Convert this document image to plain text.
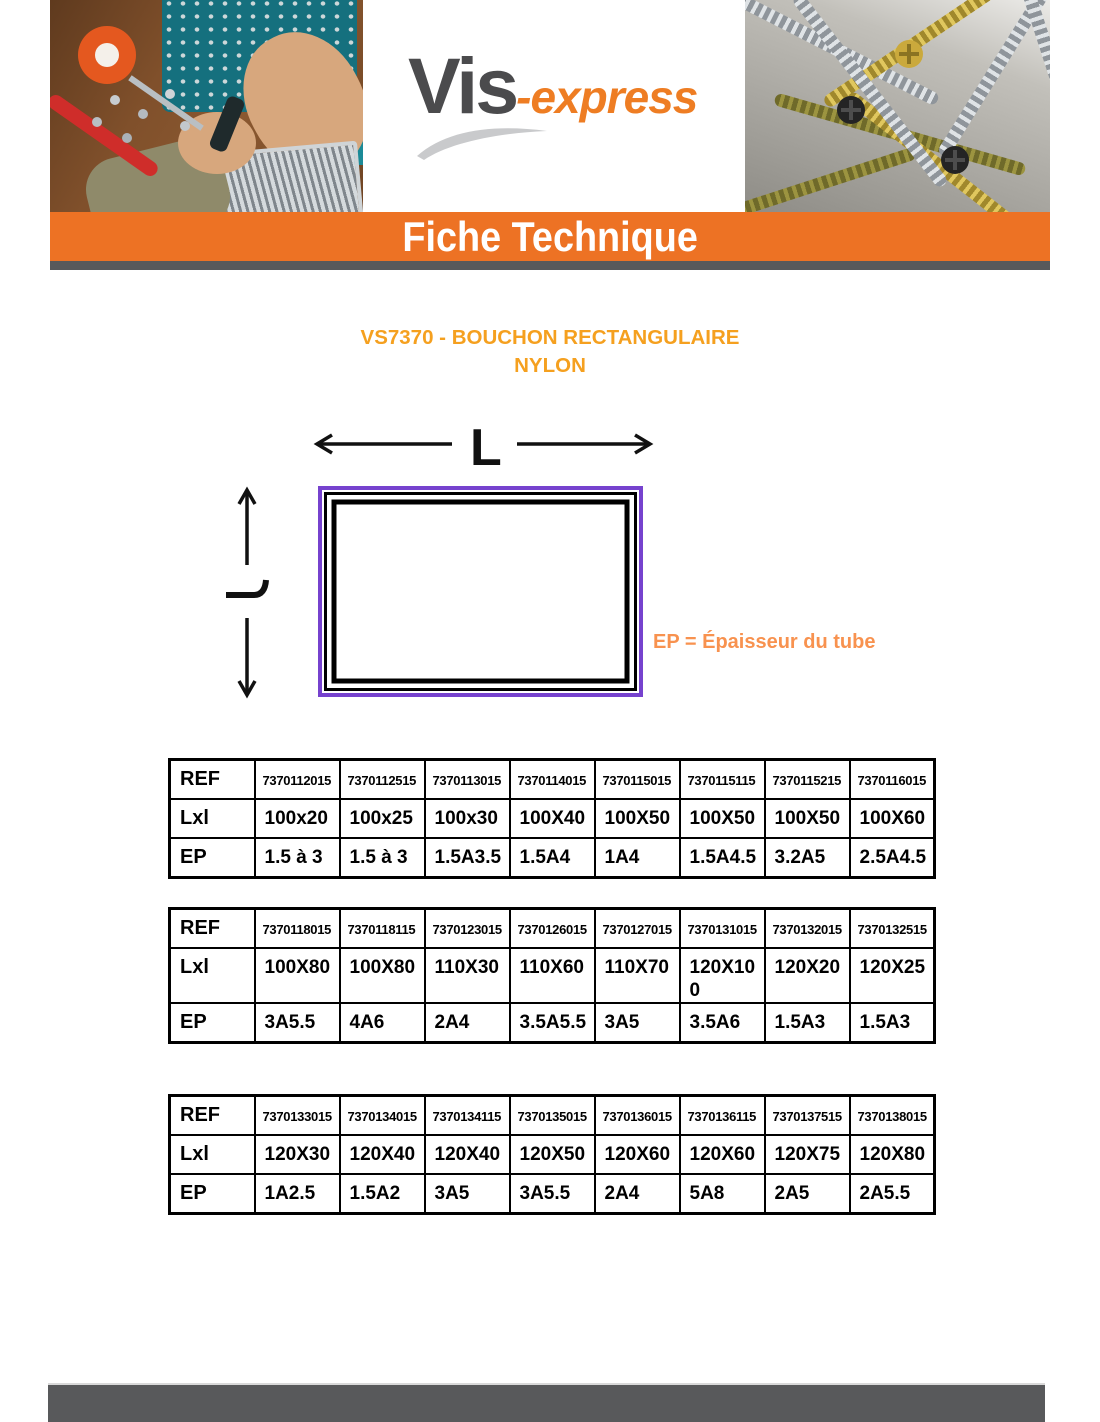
Vis-express
Fiche Technique
VS7370 - BOUCHON RECTANGULAIRE
NYLON
L
EP = Épaisseur du tube
REF	7370112015	7370112515	7370113015	7370114015	7370115015	7370115115	7370115215	7370116015
Lxl	100x20	100x25	100x30	100X40	100X50	100X50	100X50	100X60
EP	1.5 à 3	1.5 à 3	1.5A3.5	1.5A4	1A4	1.5A4.5	3.2A5	2.5A4.5
REF	7370118015	7370118115	7370123015	7370126015	7370127015	7370131015	7370132015	7370132515
Lxl	100X80	100X80	110X30	110X60	110X70	120X100	120X20	120X25
EP	3A5.5	4A6	2A4	3.5A5.5	3A5	3.5A6	1.5A3	1.5A3
REF	7370133015	7370134015	7370134115	7370135015	7370136015	7370136115	7370137515	7370138015
Lxl	120X30	120X40	120X40	120X50	120X60	120X60	120X75	120X80
EP	1A2.5	1.5A2	3A5	3A5.5	2A4	5A8	2A5	2A5.5
